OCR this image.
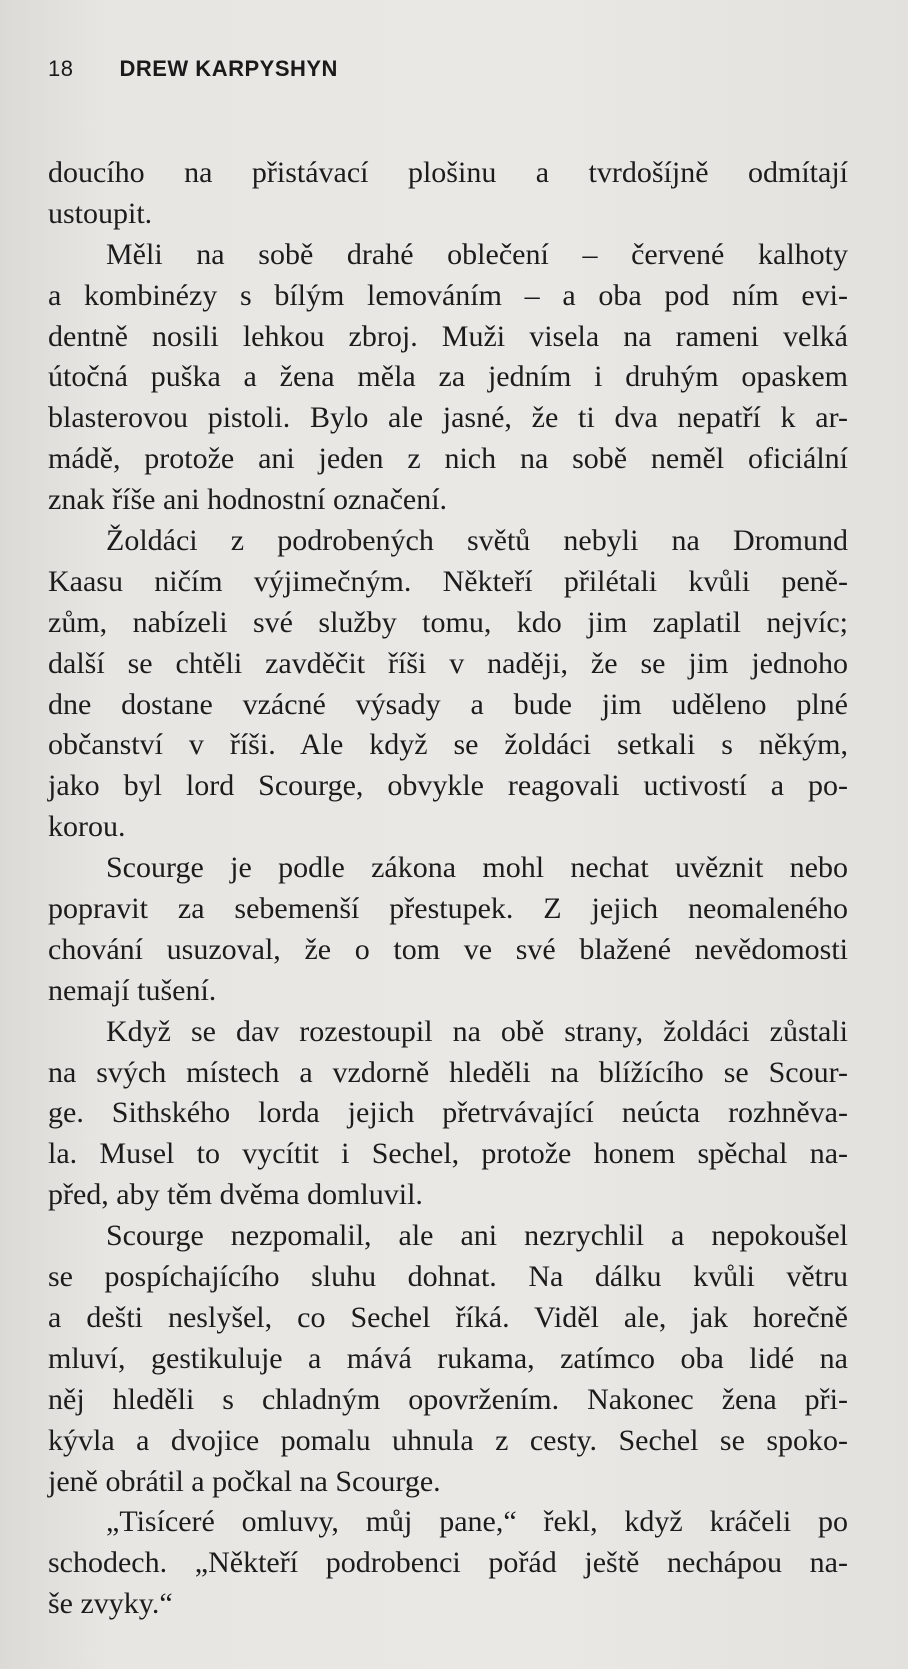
18 DREW KARPYSHYN
doucího na přistávací plošinu a tvrdošíjně odmítají
ustoupit.
Měli na sobě drahé oblečení – červené kalhoty
a kombinézy s bílým lemováním – a oba pod ním evi-
dentně nosili lehkou zbroj. Muži visela na rameni velká
útočná puška a žena měla za jedním i druhým opaskem
blasterovou pistoli. Bylo ale jasné, že ti dva nepatří k ar-
mádě, protože ani jeden z nich na sobě neměl oficiální
znak říše ani hodnostní označení.
Žoldáci z podrobených světů nebyli na Dromund
Kaasu ničím výjimečným. Někteří přilétali kvůli peně-
zům, nabízeli své služby tomu, kdo jim zaplatil nejvíc;
další se chtěli zavděčit říši v naději, že se jim jednoho
dne dostane vzácné výsady a bude jim uděleno plné
občanství v říši. Ale když se žoldáci setkali s někým,
jako byl lord Scourge, obvykle reagovali uctivostí a po-
korou.
Scourge je podle zákona mohl nechat uvěznit nebo
popravit za sebemenší přestupek. Z jejich neomaleného
chování usuzoval, že o tom ve své blažené nevědomosti
nemají tušení.
Když se dav rozestoupil na obě strany, žoldáci zůstali
na svých místech a vzdorně hleděli na blížícího se Scour-
ge. Sithského lorda jejich přetrvávající neúcta rozhněva-
la. Musel to vycítit i Sechel, protože honem spěchal na-
před, aby těm dvěma domluvil.
Scourge nezpomalil, ale ani nezrychlil a nepokoušel
se pospíchajícího sluhu dohnat. Na dálku kvůli větru
a dešti neslyšel, co Sechel říká. Viděl ale, jak horečně
mluví, gestikuluje a mává rukama, zatímco oba lidé na
něj hleděli s chladným opovržením. Nakonec žena při-
kývla a dvojice pomalu uhnula z cesty. Sechel se spoko-
jeně obrátil a počkal na Scourge.
„Tisíceré omluvy, můj pane,“ řekl, když kráčeli po
schodech. „Někteří podrobenci pořád ještě nechápou na-
še zvyky.“
